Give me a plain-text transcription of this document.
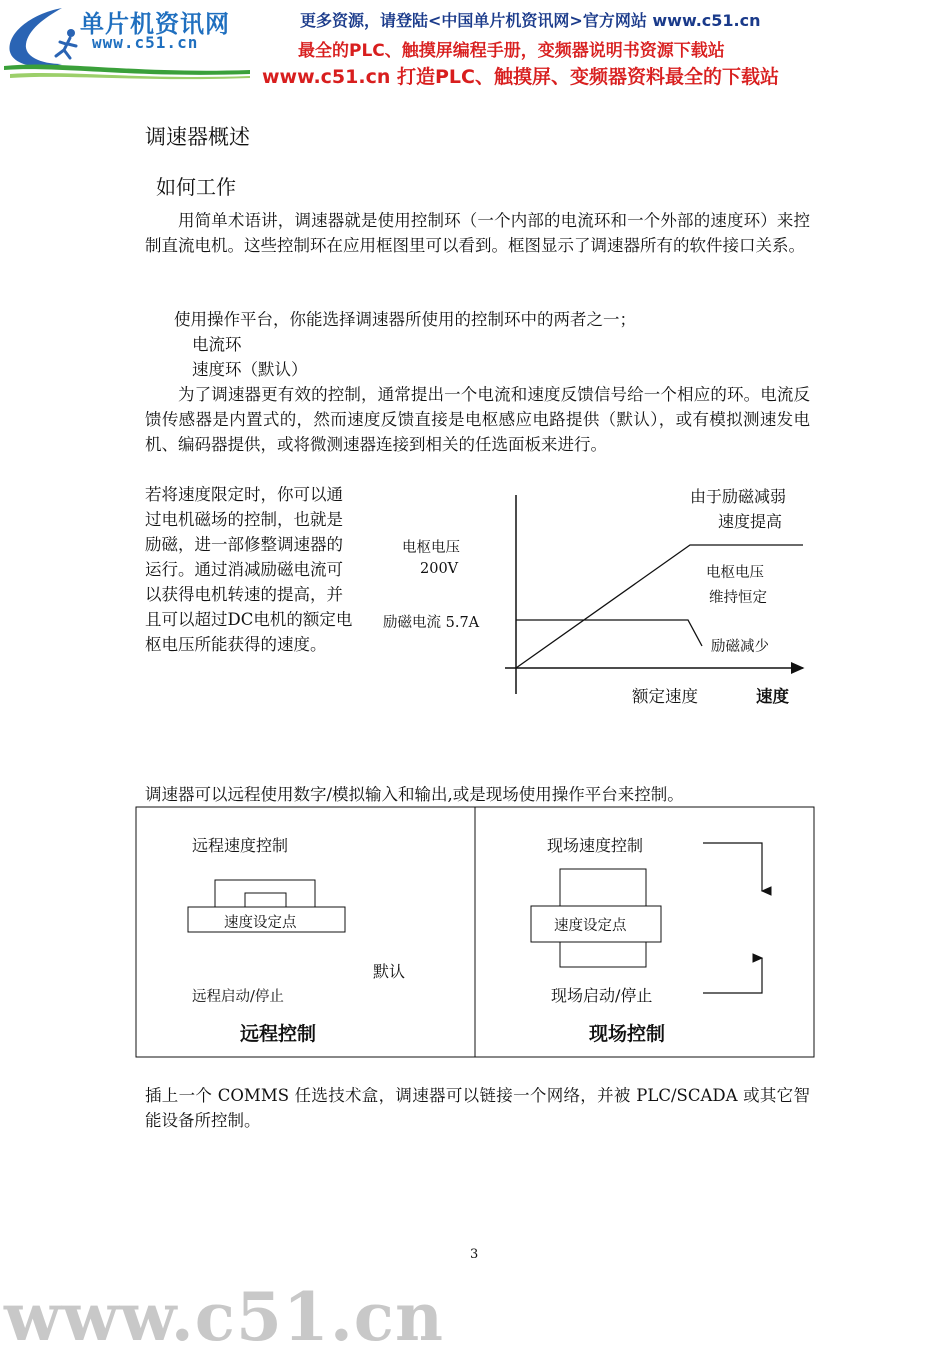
单片机资讯网
www.c51.cn
更多资源，请登陆<中国单片机资讯网>官方网站 www.c51.cn
最全的PLC、触摸屏编程手册，变频器说明书资源下载站
www.c51.cn 打造PLC、触摸屏、变频器资料最全的下载站
调速器概述
如何工作
用简单术语讲，调速器就是使用控制环（一个内部的电流环和一个外部的速度环）来控制直流电机。这些控制环在应用框图里可以看到。框图显示了调速器所有的软件接口关系。
使用操作平台，你能选择调速器所使用的控制环中的两者之一；
电流环
速度环（默认）
为了调速器更有效的控制，通常提出一个电流和速度反馈信号给一个相应的环。电流反馈传感器是内置式的，然而速度反馈直接是电枢感应电路提供（默认），或有模拟测速发电机、编码器提供，或将微测速器连接到相关的任选面板来进行。
若将速度限定时，你可以通过电机磁场的控制，也就是励磁，进一部修整调速器的运行。通过消减励磁电流可以获得电机转速的提高，并且可以超过DC电机的额定电枢电压所能获得的速度。
电枢电压
200V
励磁电流 5.7A
由于励磁减弱
速度提高
电枢电压
维持恒定
励磁减少
额定速度	速度
调速器可以远程使用数字/模拟输入和输出,或是现场使用操作平台来控制。
远程速度控制
速度设定点
默认
远程启动/停止
远程控制
现场速度控制
速度设定点
现场启动/停止
现场控制
插上一个 COMMS 任选技术盒，调速器可以链接一个网络，并被 PLC/SCADA 或其它智能设备所控制。
3
www.c51.cn
